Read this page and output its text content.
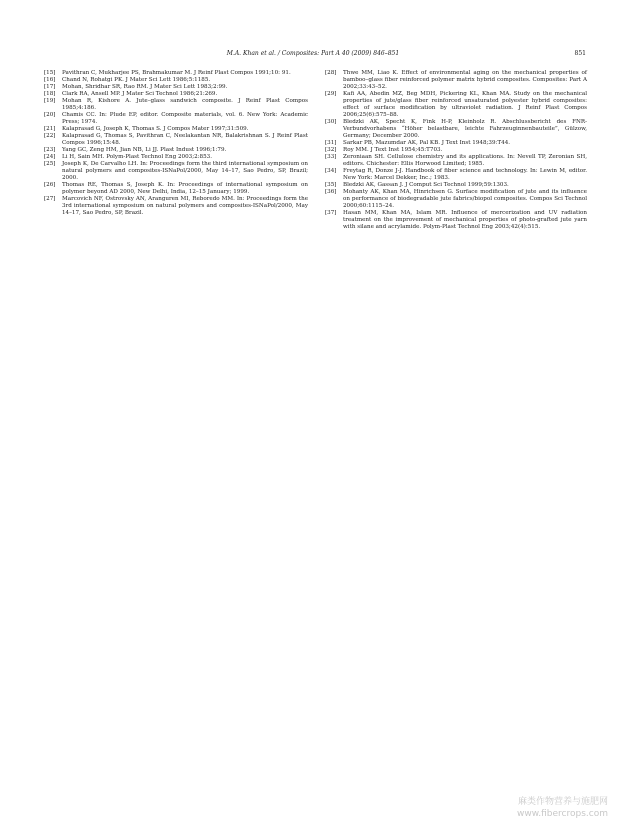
M.A. Khan et al. / Composites: Part A 40 (2009) 846–851	851
[15]	Pavithran C, Mukharjee PS, Brahmakumar M. J Reinf Plast Compos 1991;10: 91.
[16]	Chand N, Rohatgi PK. J Mater Sci Lett 1986;5:1185.
[17]	Mohan, Shridhar SR, Rao RM. J Mater Sci Lett 1983;2:99.
[18]	Clark RA, Ansell MP. J Mater Sci Technol 1986;21:269.
[19]	Mohan R, Kishore A. Jute–glass sandwich composite. J Reinf Plast Compos 1985;4:186.
[20]	Chamis CC. In: Plude EP, editor. Composite materials, vol. 6. New York: Academic Press; 1974.
[21]	Kalaprasad G, Joseph K, Thomas S. J Compos Mater 1997;31:509.
[22]	Kalaprasad G, Thomas S, Pavithran C, Neelakantan NR, Balakrishnan S. J Reinf Plast Compos 1996;15:48.
[23]	Yang GC, Zeng HM, Jian NB, Li JJ. Plast Indust 1996;1:79.
[24]	Li H, Sain MH. Polym-Plast Technol Eng 2003;2:853.
[25]	Joseph K, De Carvalho LH. In: Proceedings form the third international symposium on natural polymers and composites-ISNaPol/2000, May 14–17, Sao Pedro, SP, Brazil; 2000.
[26]	Thomas RE, Thomas S, Joseph K. In: Proceedings of international symposium on polymer beyond AD 2000, New Delhi, India, 12–15 January; 1999.
[27]	Marcovich NF, Ostrovsky AN, Aranguren MI, Reboredo MM. In: Proceedings form the 3rd international symposium on natural polymers and composites-ISNaPol/2000, May 14–17, Sao Pedro, SP, Brazil.
[28]	Thwe MM, Liao K. Effect of environmental aging on the mechanical properties of bamboo–glass fiber reinforced polymer matrix hybrid composites. Composites: Part A 2002;33:43–52.
[29]	Kafi AA, Abedin MZ, Beg MDH, Pickering KL, Khan MA. Study on the mechanical properties of jute/glass fiber reinforced unsaturated polyester hybrid composites: effect of surface modification by ultraviolet radiation. J Reinf Plast Compos 2006;25(6):575–88.
[30]	Bledzki AK, Specht K, Fink H-P, Kleinholz R. Abschlussbericht des FNR-Verbundvorhabens “Höher belastbare, leichte Fahrzeuginnenbauteile”, Gülzow, Germany; December 2000.
[31]	Sarkar PB, Mazumdar AK, Pal KB. J Text Inst 1948;39:T44.
[32]	Roy MM. J Text Inst 1954;45:T703.
[33]	Zeroniaan SH. Cellulose chemistry and its applications. In: Nevell TP, Zeronian SH, editors. Chichester: Ellis Horwood Limited; 1985.
[34]	Freytag R, Donze J-J. Handbook of fiber science and technology. In: Lewin M, editor. New York: Marcel Dekker, Inc.; 1983.
[35]	Bledzki AK, Gassan J. J Comput Sci Technol 1999;59:1303.
[36]	Mohanty AK, Khan MA, Hinrichsen G. Surface modification of jute and its influence on performance of biodegradable jute fabrics/biopol composites. Compos Sci Technol 2000;60:1115–24.
[37]	Hasan MM, Khan MA, Islam MR. Influence of mercerization and UV radiation treatment on the improvement of mechanical properties of photo-grafted jute yarn with silane and acrylamide. Polym-Plast Technol Eng 2003;42(4):515.
麻类作物营养与施肥网
www.fibercrops.com
